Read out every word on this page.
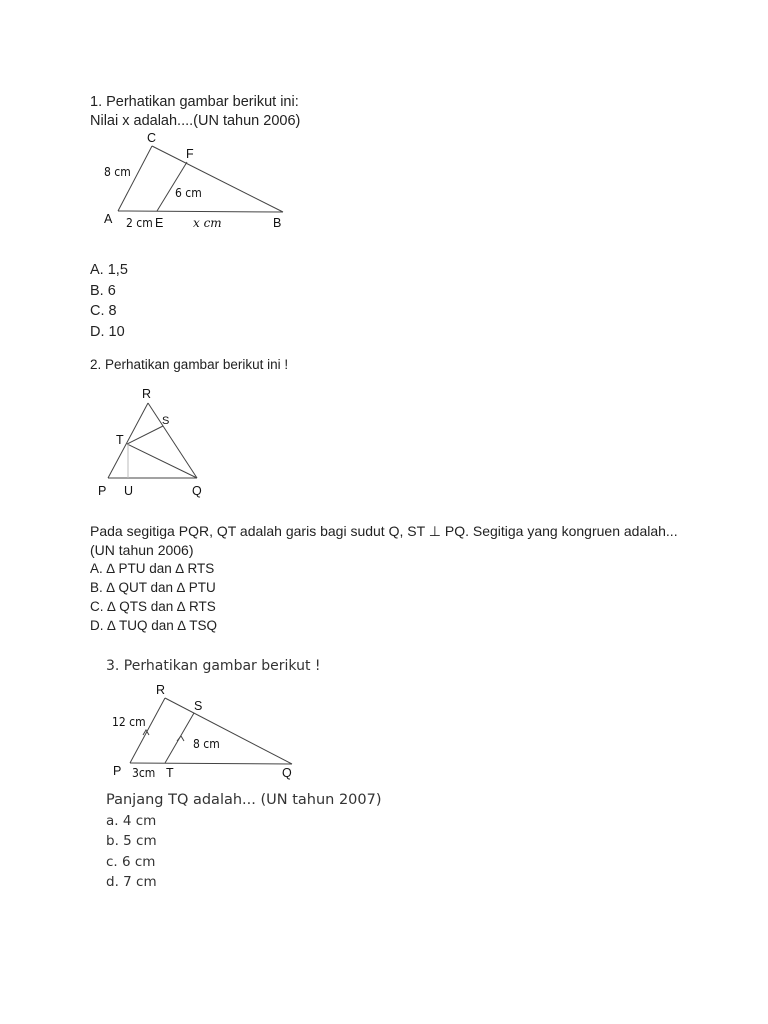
1. Perhatikan gambar berikut ini:
Nilai x adalah....(UN tahun 2006)
C
F
A	E	B
8 cm
6 cm
2 cm	x cm
A. 1,5
B. 6
C. 8
D. 10
2. Perhatikan gambar berikut ini !
R
S
T
P U	Q
Pada segitiga PQR, QT adalah garis bagi sudut Q, ST ⊥ PQ. Segitiga yang kongruen adalah...
(UN tahun 2006)
A. ∆ PTU dan ∆ RTS
B. ∆ QUT dan ∆ PTU
C. ∆ QTS dan ∆ RTS
D. ∆ TUQ dan ∆ TSQ
3. Perhatikan gambar berikut !
R
S
P	T	Q
12 cm
8 cm
3cm
Panjang TQ adalah... (UN tahun 2007)
a. 4 cm
b. 5 cm
c. 6 cm
d. 7 cm
